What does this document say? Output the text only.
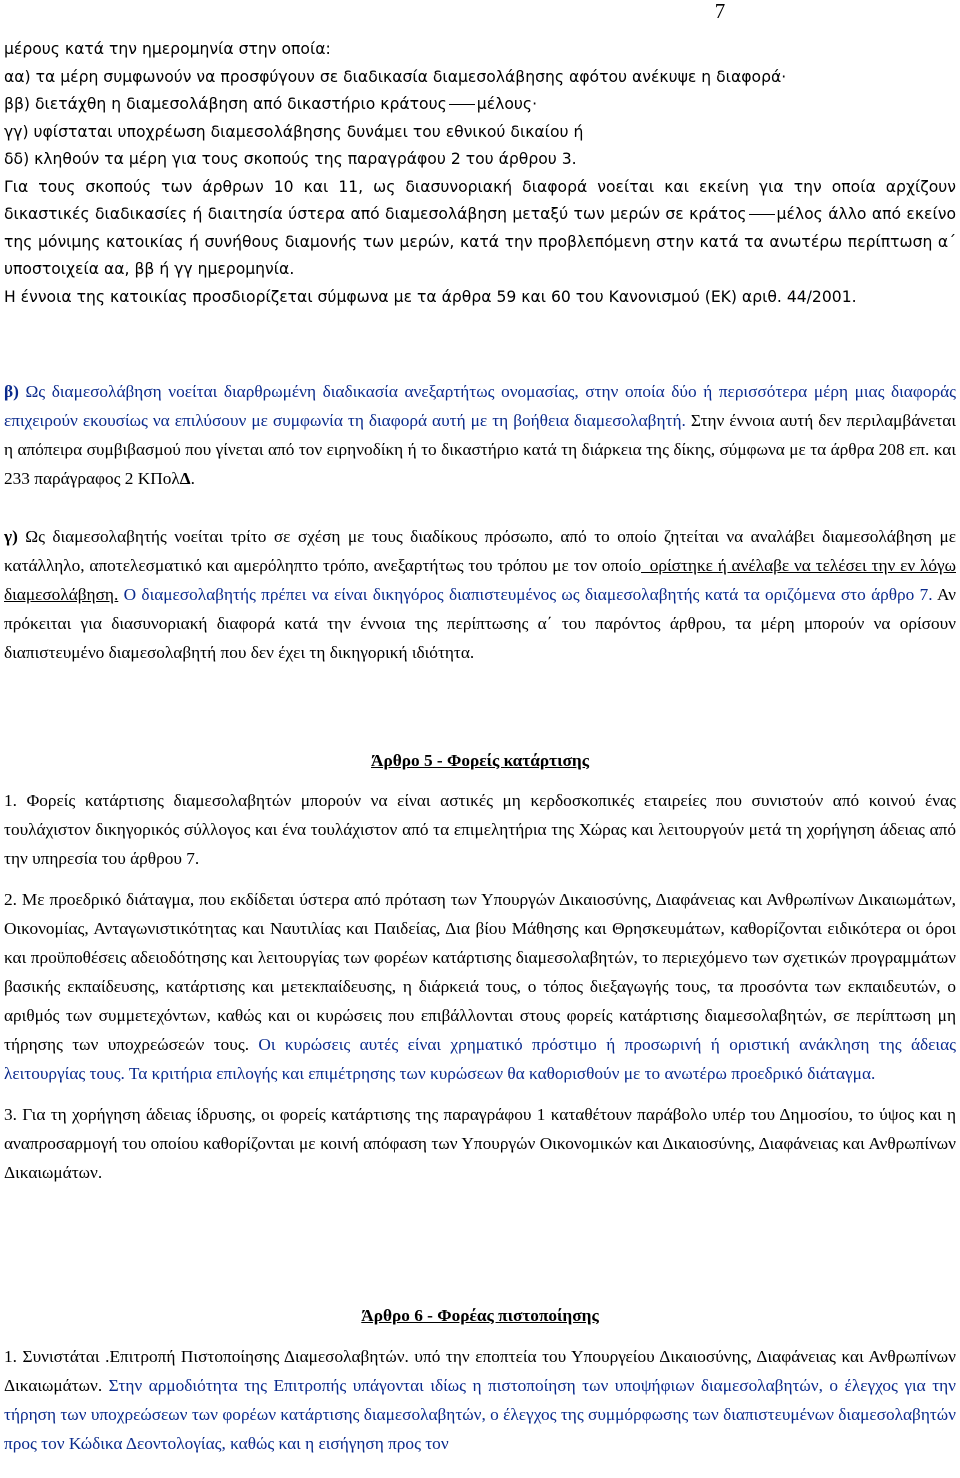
7

μέρους κατά την ημερομηνία στην οποία:

αα) τα μέρη συμφωνούν να προσφύγουν σε διαδικασία διαμεσολάβησης αφότου ανέκυψε η διαφορά·

ββ) διετάχθη η διαμεσολάβηση από δικαστήριο κράτους μέλους·

γγ) υφίσταται υποχρέωση διαμεσολάβησης δυνάμει του εθνικού δικαίου ή

δδ) κληθούν τα μέρη για τους σκοπούς της παραγράφου 2 του άρθρου 3.

Για τους σκοπούς των άρθρων 10 και 11, ως διασυνοριακή διαφορά νοείται και εκείνη για την οποία αρχίζουν δικαστικές διαδικασίες ή διαιτησία ύστερα από διαμεσολάβηση μεταξύ των μερών σε κράτος μέλος άλλο από εκείνο της μόνιμης κατοικίας ή συνήθους διαμονής των μερών, κατά την προβλεπόμενη στην κατά τα ανωτέρω περίπτωση α΄ υποστοιχεία αα, ββ ή γγ ημερομηνία.

Η έννοια της κατοικίας προσδιορίζεται σύμφωνα με τα άρθρα 59 και 60 του Κανονισμού (ΕΚ) αριθ. 44/2001.

β) Ως διαμεσολάβηση νοείται διαρθρωμένη διαδικασία ανεξαρτήτως ονομασίας, στην οποία δύο ή περισσότερα μέρη μιας διαφοράς επιχειρούν εκουσίως να επιλύσουν με συμφωνία τη διαφορά αυτή με τη βοήθεια διαμεσολαβητή. Στην έννοια αυτή δεν περιλαμβάνεται η απόπειρα συμβιβασμού που γίνεται από τον ειρηνοδίκη ή το δικαστήριο κατά τη διάρκεια της δίκης, σύμφωνα με τα άρθρα 208 επ. και 233 παράγραφος 2 ΚΠολΔ.

γ) Ως διαμεσολαβητής νοείται τρίτο σε σχέση με τους διαδίκους πρόσωπο, από το οποίο ζητείται να αναλάβει διαμεσολάβηση με κατάλληλο, αποτελεσματικό και αμερόληπτο τρόπο, ανεξαρτήτως του τρόπου με τον οποίο_ορίστηκε ή ανέλαβε να τελέσει την εν λόγω διαμεσολάβηση. Ο διαμεσολαβητής πρέπει να είναι δικηγόρος διαπιστευμένος ως διαμεσολαβητής κατά τα οριζόμενα στο άρθρο 7. Αν πρόκειται για διασυνοριακή διαφορά κατά την έννοια της περίπτωσης α΄ του παρόντος άρθρου, τα μέρη μπορούν να ορίσουν διαπιστευμένο διαμεσολαβητή που δεν έχει τη δικηγορική ιδιότητα.

Άρθρο 5 - Φορείς κατάρτισης

1. Φορείς κατάρτισης διαμεσολαβητών μπορούν να είναι αστικές μη κερδοσκοπικές εταιρείες που συνιστούν από κοινού ένας τουλάχιστον δικηγορικός σύλλογος και ένα τουλάχιστον από τα επιμελητήρια της Χώρας και λειτουργούν μετά τη χορήγηση άδειας από την υπηρεσία του άρθρου 7.

2. Με προεδρικό διάταγμα, που εκδίδεται ύστερα από πρόταση των Υπουργών Δικαιοσύνης, Διαφάνειας και Ανθρωπίνων Δικαιωμάτων, Οικονομίας, Ανταγωνιστικότητας και Ναυτιλίας και Παιδείας, Δια βίου Μάθησης και Θρησκευμάτων, καθορίζονται ειδικότερα οι όροι και προϋποθέσεις αδειοδότησης και λειτουργίας των φορέων κατάρτισης διαμεσολαβητών, το περιεχόμενο των σχετικών προγραμμάτων βασικής εκπαίδευσης, κατάρτισης και μετεκπαίδευσης, η διάρκειά τους, ο τόπος διεξαγωγής τους, τα προσόντα των εκπαιδευτών, ο αριθμός των συμμετεχόντων, καθώς και οι κυρώσεις που επιβάλλονται στους φορείς κατάρτισης διαμεσολαβητών, σε περίπτωση μη τήρησης των υποχρεώσεών τους. Οι κυρώσεις αυτές είναι χρηματικό πρόστιμο ή προσωρινή ή οριστική ανάκληση της άδειας λειτουργίας τους. Τα κριτήρια επιλογής και επιμέτρησης των κυρώσεων θα καθορισθούν με το ανωτέρω προεδρικό διάταγμα.

3. Για τη χορήγηση άδειας ίδρυσης, οι φορείς κατάρτισης της παραγράφου 1 καταθέτουν παράβολο υπέρ του Δημοσίου, το ύψος και η αναπροσαρμογή του οποίου καθορίζονται με κοινή απόφαση των Υπουργών Οικονομικών και Δικαιοσύνης, Διαφάνειας και Ανθρωπίνων Δικαιωμάτων.

Άρθρο 6 - Φορέας πιστοποίησης

1. Συνιστάται .Επιτροπή Πιστοποίησης Διαμεσολαβητών. υπό την εποπτεία του Υπουργείου Δικαιοσύνης, Διαφάνειας και Ανθρωπίνων Δικαιωμάτων. Στην αρμοδιότητα της Επιτροπής υπάγονται ιδίως η πιστοποίηση των υποψήφιων διαμεσολαβητών, ο έλεγχος για την τήρηση των υποχρεώσεων των φορέων κατάρτισης διαμεσολαβητών, ο έλεγχος της συμμόρφωσης των διαπιστευμένων διαμεσολαβητών προς τον Κώδικα Δεοντολογίας, καθώς και η εισήγηση προς τον
